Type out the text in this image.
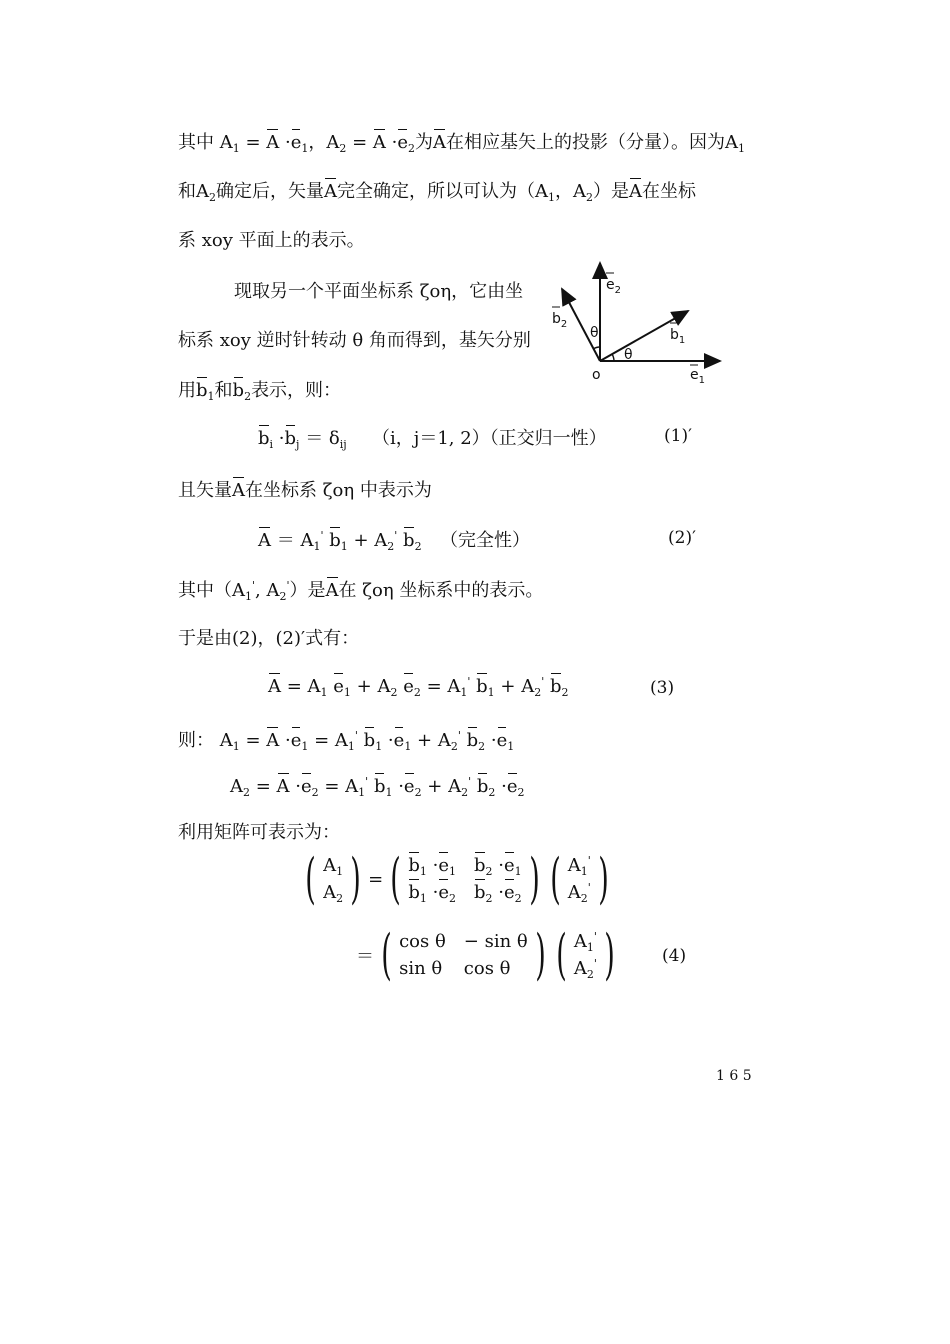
其中 $A_1 = A \cdot e_1$，$A_2 = A \cdot e_2$为A在相应基矢上的投影（分量）。因为$A_1$
和$A_2$确定后，矢量A完全确定，所以可认为（$A_1$，$A_2$）是A在坐标
系 xoy 平面上的表示。
现取另一个平面坐标系 ζoη，它由坐
标系 xoy 逆时针转动 θ 角而得到，基矢分别
用$b_1$和$b_2$表示，则：
$e_2$
$b_2$
$b_1$
$e_1$
θ
θ
o
$b_i \cdot b_j = \delta_{ij}$ （i，j＝1, 2）（正交归一性）	(1)′
且矢量A在坐标系 ζoη 中表示为
$A = A_1'$ $b_1 + A_2'$ $b_2$ （完全性）	(2)′
其中（$A_1'$, $A_2'$）是A在 ζoη 坐标系中的表示。
于是由(2)，(2)′式有：
$A = A_1$ $e_1 + A_2$ $e_2 = A_1'$ $b_1 + A_2'$ $b_2$	(3)
则： $A_1 = A \cdot e_1 = A_1'$ $b_1 \cdot e_1 + A_2'$ $b_2 \cdot e_1$
$A_2 = A \cdot e_2 = A_1'$ $b_1 \cdot e_2 + A_2'$ $b_2 \cdot e_2$
利用矩阵可表示为：
( $A_1$
$A_2$ ) = ( $b_1 \cdot e_1$ $b_2 \cdot e_1$
$b_1 \cdot e_2$ $b_2 \cdot e_2$ ) ( $A_1'$
$A_2'$ )
＝ ( cos θ − sin θ
sin θ cos θ ) ( $A_1'$
$A_2'$ )	(4)
1 6 5
